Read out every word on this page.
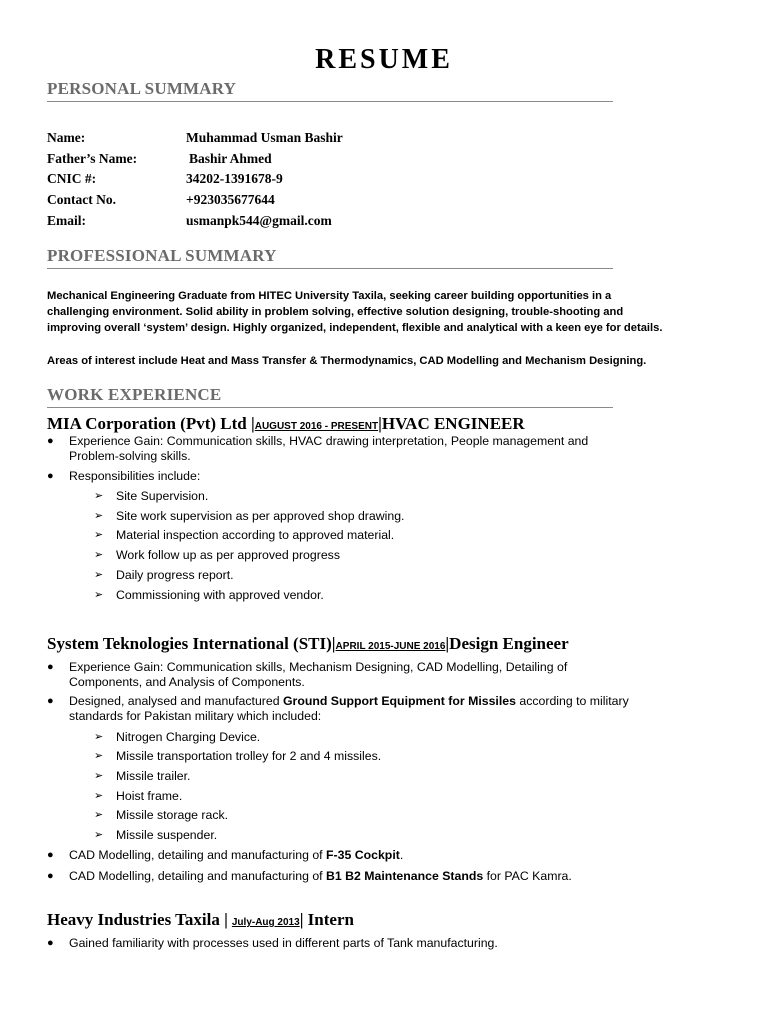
RESUME
PERSONAL SUMMARY
Name:	Muhammad Usman Bashir
Father’s Name:	Bashir Ahmed
CNIC #:	34202-1391678-9
Contact No.	+923035677644
Email:	usmanpk544@gmail.com
PROFESSIONAL SUMMARY
Mechanical Engineering Graduate from HITEC University Taxila, seeking career building opportunities in a
challenging environment. Solid ability in problem solving, effective solution designing, trouble-shooting and
improving overall ‘system’ design. Highly organized, independent, flexible and analytical with a keen eye for details.
Areas of interest include Heat and Mass Transfer & Thermodynamics, CAD Modelling and Mechanism Designing.
WORK EXPERIENCE
MIA Corporation (Pvt) Ltd |AUGUST 2016 - PRESENT|HVAC ENGINEER
● Experience Gain: Communication skills, HVAC drawing interpretation, People management and
Problem-solving skills.
● Responsibilities include:
➢ Site Supervision.
➢ Site work supervision as per approved shop drawing.
➢ Material inspection according to approved material.
➢ Work follow up as per approved progress
➢ Daily progress report.
➢ Commissioning with approved vendor.
System Teknologies International (STI)|APRIL 2015-JUNE 2016|Design Engineer
● Experience Gain: Communication skills, Mechanism Designing, CAD Modelling, Detailing of
Components, and Analysis of Components.
● Designed, analysed and manufactured Ground Support Equipment for Missiles according to military
standards for Pakistan military which included:
➢ Nitrogen Charging Device.
➢ Missile transportation trolley for 2 and 4 missiles.
➢ Missile trailer.
➢ Hoist frame.
➢ Missile storage rack.
➢ Missile suspender.
● CAD Modelling, detailing and manufacturing of F-35 Cockpit.
● CAD Modelling, detailing and manufacturing of B1 B2 Maintenance Stands for PAC Kamra.
Heavy Industries Taxila | July-Aug 2013| Intern
● Gained familiarity with processes used in different parts of Tank manufacturing.
